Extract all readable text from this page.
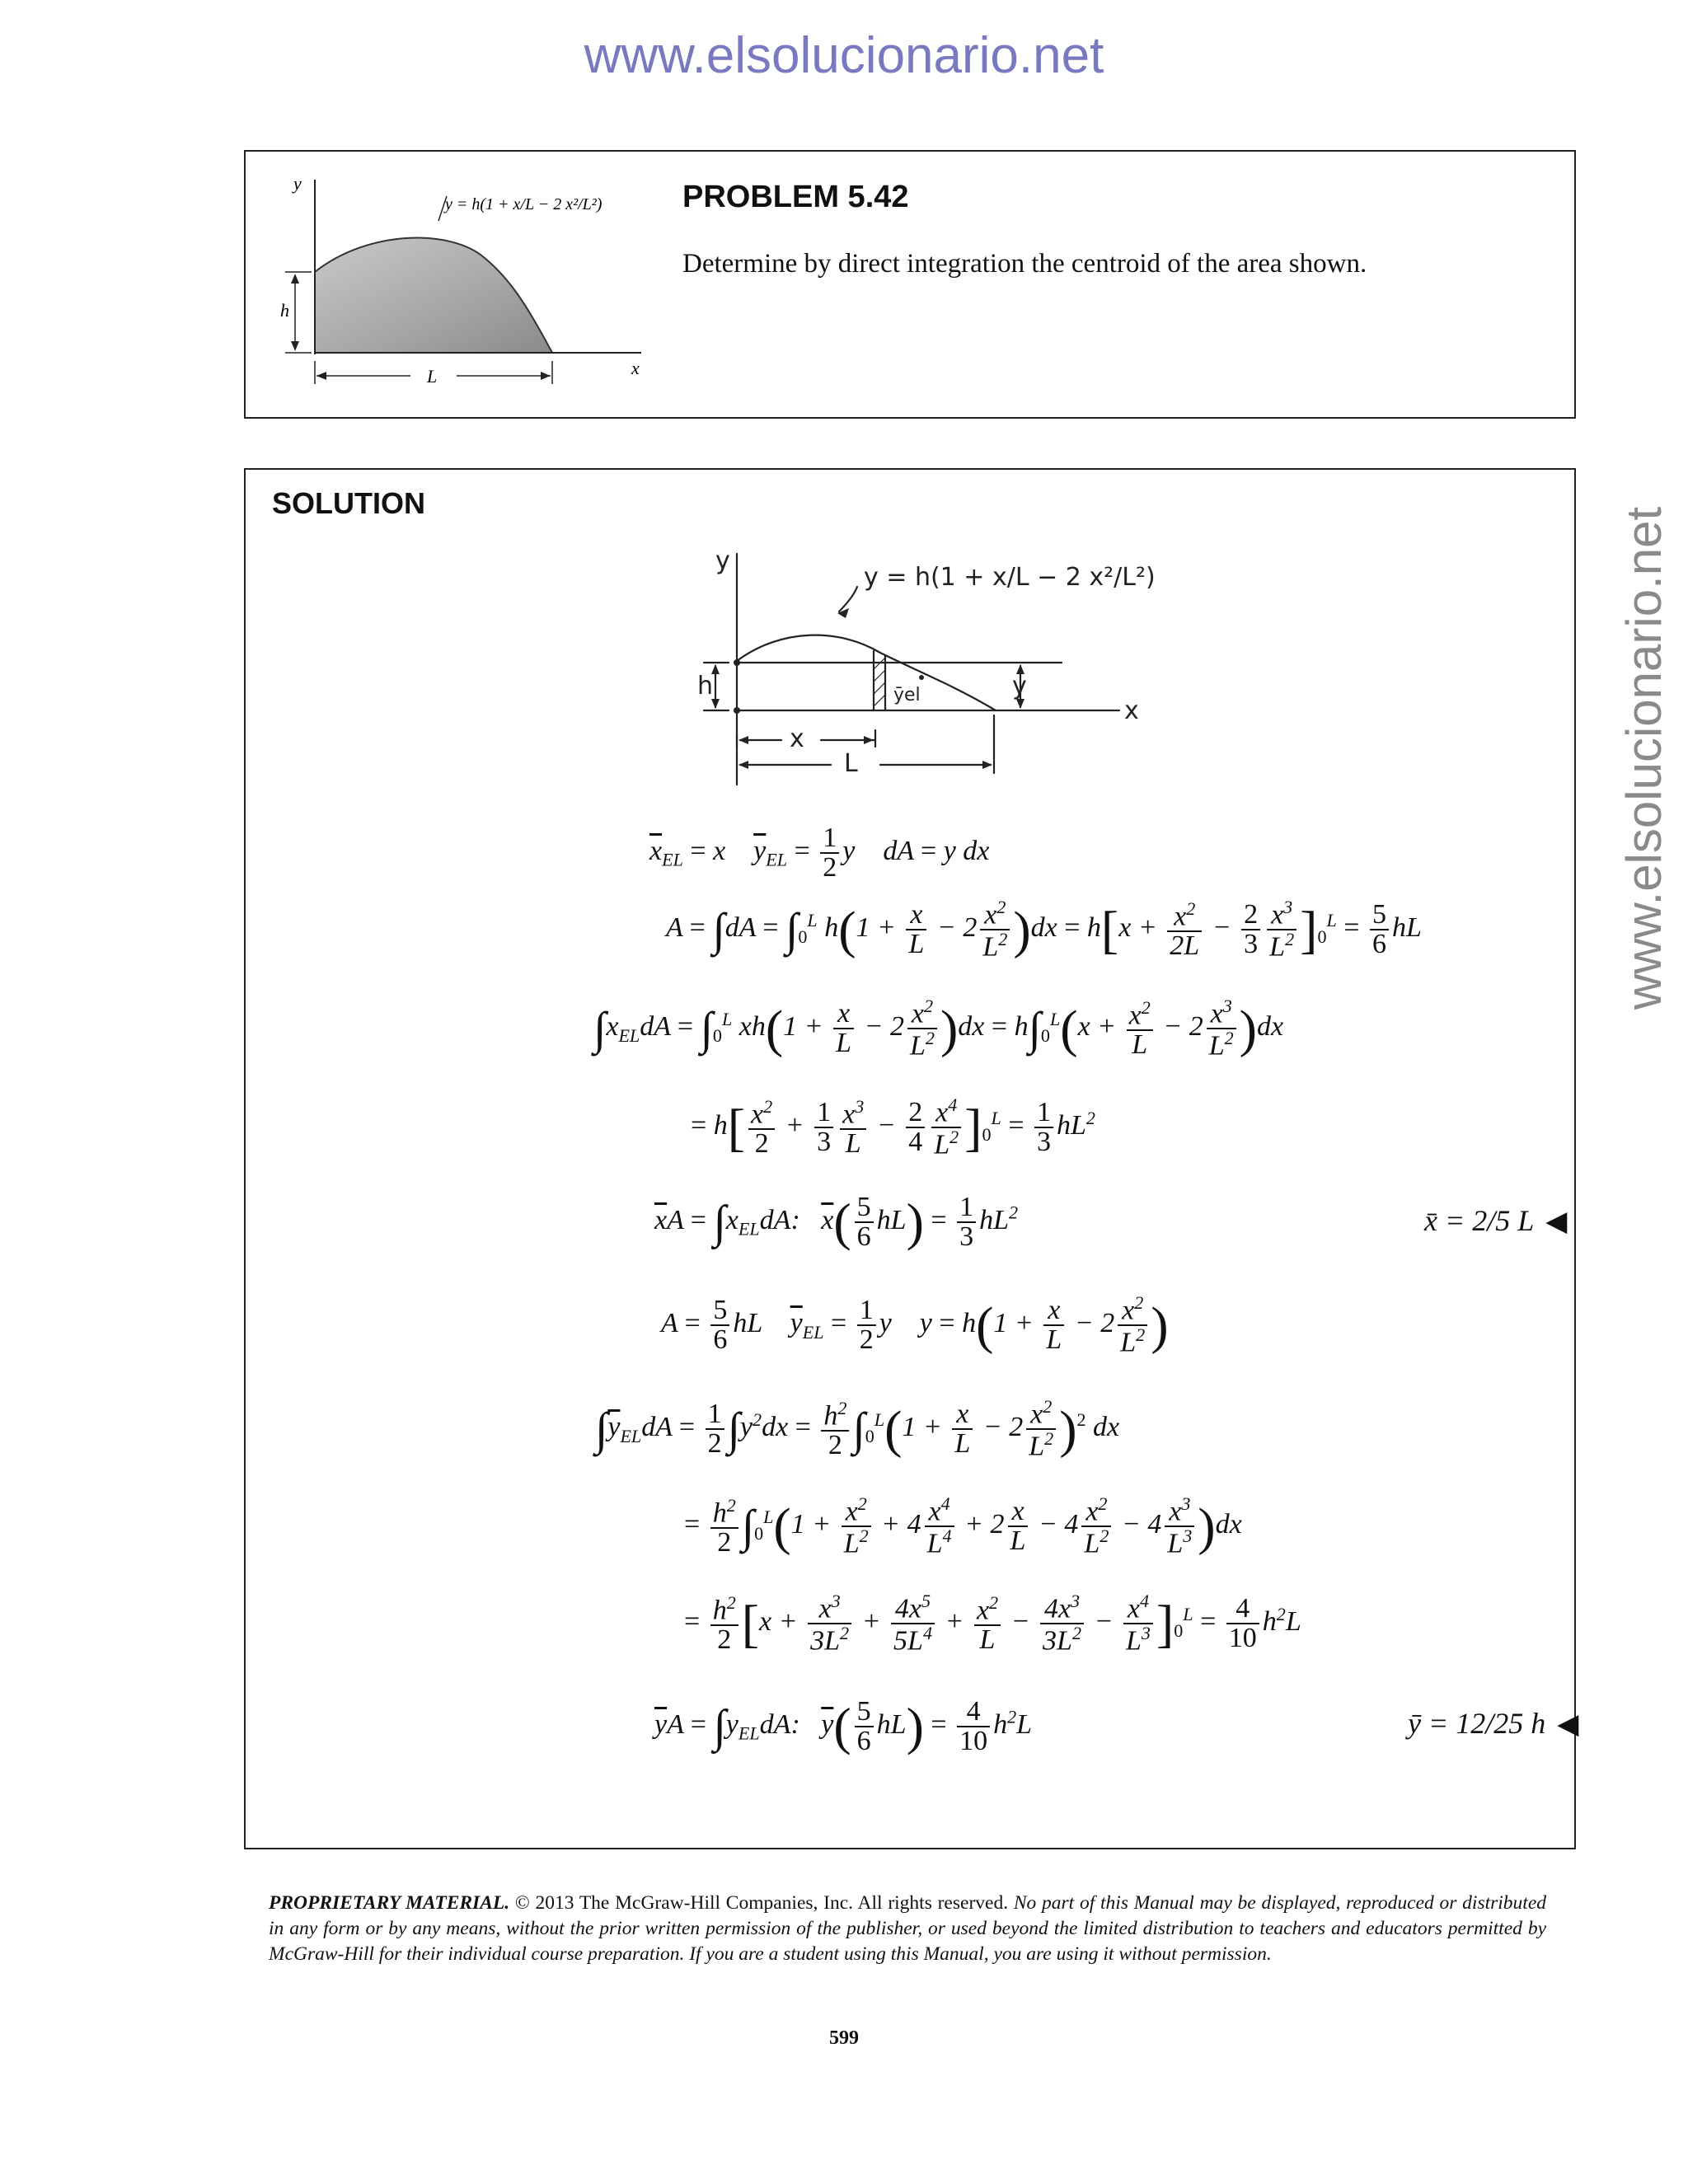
www.elsolucionario.net
www.elsolucionario.net
y
x
h
L
y = h(1 + x/L − 2 x²/L²)	PROBLEM 5.42
Determine by direct integration the centroid of the area shown.
SOLUTION
y
x
h	y
x
L
ȳel
y = h(1 + x/L − 2 x²/L²)
$\overline{x}_{EL} = x$    $\overline{y}_{EL} = \frac{1}{2}$ y    dA = y dx
$A = \int dA = \int_0^L$ $h(1 + \frac{x}{L} - 2 \frac{x^2}{L^2} )dx = h[x + \frac{x^2}{2L} - \frac{2}{3} \frac{x^3}{L^2} ]_0^L = \frac{5}{6}$ hL
$\int x_{EL}dA = \int_0^L$ $xh(1 + \frac{x}{L} - 2 \frac{x^2}{L^2} )dx = h\int_0^L(x + \frac{x^2}{L} - 2 \frac{x^3}{L^2} )dx$
= $h[ \frac{x^2}{2} + \frac{1}{3} \frac{x^3}{L} - \frac{2}{4} \frac{x^4}{L^2} ]_0^L = \frac{1}{3} hL^2$
$\overline{x}A = \int x_{EL}dA$:   $\overline{x}( \frac{5}{6} hL) = \frac{1}{3} hL^2$	x̄ = 2/5 L ◀
$A = \frac{5}{6}$ hL    $\overline{y}_{EL} = \frac{1}{2}$ y    $y = h(1 + \frac{x}{L} - 2 \frac{x^2}{L^2}$ )
$\int\overline{y}_{EL}dA = \frac{1}{2} \int y^2dx = \frac{h^2}{2} \int_0^L(1 + \frac{x}{L} - 2 \frac{x^2}{L^2} )^2$ dx
= $\frac{h^2}{2} \int_0^L(1 + \frac{x^2}{L^2} + 4 \frac{x^4}{L^4} + 2 \frac{x}{L} - 4 \frac{x^2}{L^2} - 4 \frac{x^3}{L^3} )dx$
= $\frac{h^2}{2} [x + \frac{x^3}{3L^2} + \frac{4x^5}{5L^4} + \frac{x^2}{L} - \frac{4x^3}{3L^2} - \frac{x^4}{L^3} ]_0^L = \frac{4}{10} h^2L$
$\overline{y}A = \int y_{EL}dA$:   $\overline{y}( \frac{5}{6} hL) = \frac{4}{10} h^2L$	ȳ = 12/25 h ◀
PROPRIETARY MATERIAL. © 2013 The McGraw-Hill Companies, Inc. All rights reserved. No part of this Manual may be displayed, reproduced or distributed in any form or by any means, without the prior written permission of the publisher, or used beyond the limited distribution to teachers and educators permitted by McGraw-Hill for their individual course preparation. If you are a student using this Manual, you are using it without permission.
599
